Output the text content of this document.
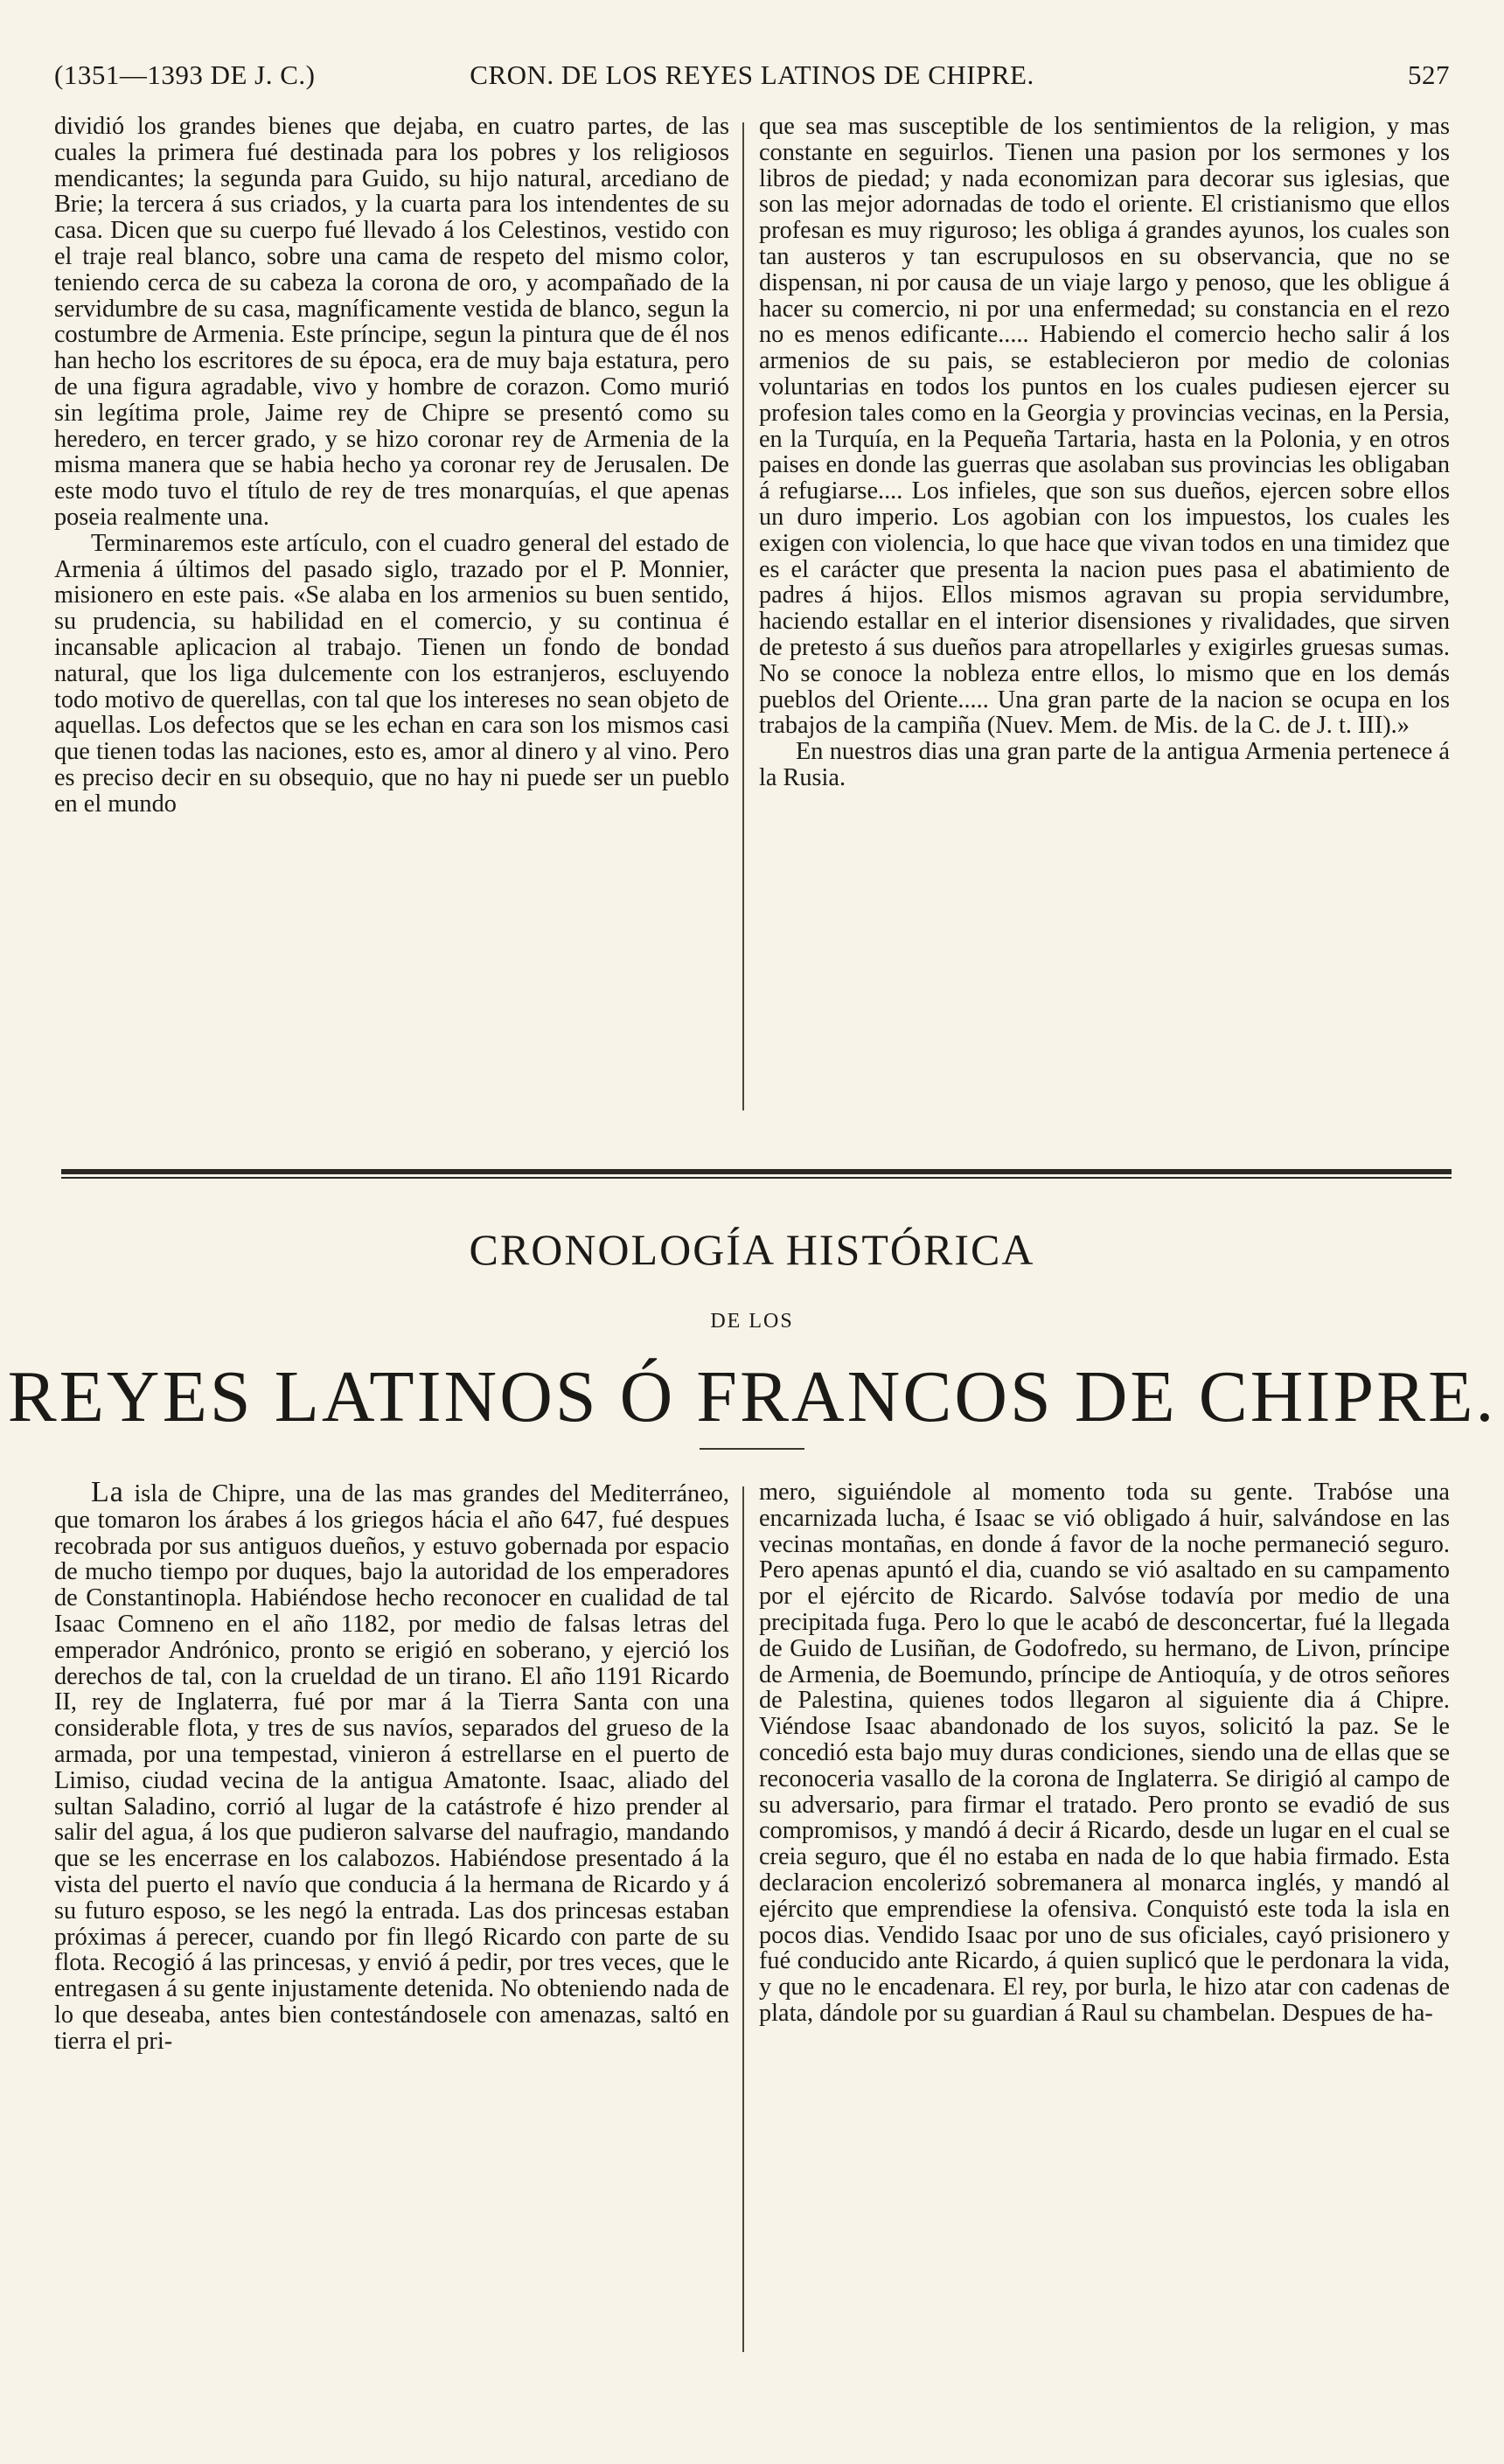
(1351—1393 DE J. C.)	CRON. DE LOS REYES LATINOS DE CHIPRE.	527

dividió los grandes bienes que dejaba, en cuatro partes, de las cuales la primera fué destinada para los pobres y los religiosos mendicantes; la segunda para Guido, su hijo natural, arcediano de Brie; la tercera á sus criados, y la cuarta para los intendentes de su casa. Dicen que su cuerpo fué llevado á los Celestinos, vestido con el traje real blanco, sobre una cama de respeto del mismo color, teniendo cerca de su cabeza la corona de oro, y acompañado de la servidumbre de su casa, magníficamente vestida de blanco, segun la costumbre de Armenia. Este príncipe, segun la pintura que de él nos han hecho los escritores de su época, era de muy baja estatura, pero de una figura agradable, vivo y hombre de corazon. Como murió sin legítima prole, Jaime rey de Chipre se presentó como su heredero, en tercer grado, y se hizo coronar rey de Armenia de la misma manera que se habia hecho ya coronar rey de Jerusalen. De este modo tuvo el título de rey de tres monarquías, el que apenas poseia realmente una.

Terminaremos este artículo, con el cuadro general del estado de Armenia á últimos del pasado siglo, trazado por el P. Monnier, misionero en este pais. «Se alaba en los armenios su buen sentido, su prudencia, su habilidad en el comercio, y su continua é incansable aplicacion al trabajo. Tienen un fondo de bondad natural, que los liga dulcemente con los estranjeros, escluyendo todo motivo de querellas, con tal que los intereses no sean objeto de aquellas. Los defectos que se les echan en cara son los mismos casi que tienen todas las naciones, esto es, amor al dinero y al vino. Pero es preciso decir en su obsequio, que no hay ni puede ser un pueblo en el mundo

que sea mas susceptible de los sentimientos de la religion, y mas constante en seguirlos. Tienen una pasion por los sermones y los libros de piedad; y nada economizan para decorar sus iglesias, que son las mejor adornadas de todo el oriente. El cristianismo que ellos profesan es muy riguroso; les obliga á grandes ayunos, los cuales son tan austeros y tan escrupulosos en su observancia, que no se dispensan, ni por causa de un viaje largo y penoso, que les obligue á hacer su comercio, ni por una enfermedad; su constancia en el rezo no es menos edificante..... Habiendo el comercio hecho salir á los armenios de su pais, se establecieron por medio de colonias voluntarias en todos los puntos en los cuales pudiesen ejercer su profesion tales como en la Georgia y provincias vecinas, en la Persia, en la Turquía, en la Pequeña Tartaria, hasta en la Polonia, y en otros paises en donde las guerras que asolaban sus provincias les obligaban á refugiarse.... Los infieles, que son sus dueños, ejercen sobre ellos un duro imperio. Los agobian con los impuestos, los cuales les exigen con violencia, lo que hace que vivan todos en una timidez que es el carácter que presenta la nacion pues pasa el abatimiento de padres á hijos. Ellos mismos agravan su propia servidumbre, haciendo estallar en el interior disensiones y rivalidades, que sirven de pretesto á sus dueños para atropellarles y exigirles gruesas sumas. No se conoce la nobleza entre ellos, lo mismo que en los demás pueblos del Oriente..... Una gran parte de la nacion se ocupa en los trabajos de la campiña (Nuev. Mem. de Mis. de la C. de J. t. III).»

En nuestros dias una gran parte de la antigua Armenia pertenece á la Rusia.

CRONOLOGÍA HISTÓRICA
DE LOS
REYES LATINOS Ó FRANCOS DE CHIPRE.

La isla de Chipre, una de las mas grandes del Mediterráneo, que tomaron los árabes á los griegos hácia el año 647, fué despues recobrada por sus antiguos dueños, y estuvo gobernada por espacio de mucho tiempo por duques, bajo la autoridad de los emperadores de Constantinopla. Habiéndose hecho reconocer en cualidad de tal Isaac Comneno en el año 1182, por medio de falsas letras del emperador Andrónico, pronto se erigió en soberano, y ejerció los derechos de tal, con la crueldad de un tirano. El año 1191 Ricardo II, rey de Inglaterra, fué por mar á la Tierra Santa con una considerable flota, y tres de sus navíos, separados del grueso de la armada, por una tempestad, vinieron á estrellarse en el puerto de Limiso, ciudad vecina de la antigua Amatonte. Isaac, aliado del sultan Saladino, corrió al lugar de la catástrofe é hizo prender al salir del agua, á los que pudieron salvarse del naufragio, mandando que se les encerrase en los calabozos. Habiéndose presentado á la vista del puerto el navío que conducia á la hermana de Ricardo y á su futuro esposo, se les negó la entrada. Las dos princesas estaban próximas á perecer, cuando por fin llegó Ricardo con parte de su flota. Recogió á las princesas, y envió á pedir, por tres veces, que le entregasen á su gente injustamente detenida. No obteniendo nada de lo que deseaba, antes bien contestándosele con amenazas, saltó en tierra el pri-

mero, siguiéndole al momento toda su gente. Trabóse una encarnizada lucha, é Isaac se vió obligado á huir, salvándose en las vecinas montañas, en donde á favor de la noche permaneció seguro. Pero apenas apuntó el dia, cuando se vió asaltado en su campamento por el ejército de Ricardo. Salvóse todavía por medio de una precipitada fuga. Pero lo que le acabó de desconcertar, fué la llegada de Guido de Lusiñan, de Godofredo, su hermano, de Livon, príncipe de Armenia, de Boemundo, príncipe de Antioquía, y de otros señores de Palestina, quienes todos llegaron al siguiente dia á Chipre. Viéndose Isaac abandonado de los suyos, solicitó la paz. Se le concedió esta bajo muy duras condiciones, siendo una de ellas que se reconoceria vasallo de la corona de Inglaterra. Se dirigió al campo de su adversario, para firmar el tratado. Pero pronto se evadió de sus compromisos, y mandó á decir á Ricardo, desde un lugar en el cual se creia seguro, que él no estaba en nada de lo que habia firmado. Esta declaracion encolerizó sobremanera al monarca inglés, y mandó al ejército que emprendiese la ofensiva. Conquistó este toda la isla en pocos dias. Vendido Isaac por uno de sus oficiales, cayó prisionero y fué conducido ante Ricardo, á quien suplicó que le perdonara la vida, y que no le encadenara. El rey, por burla, le hizo atar con cadenas de plata, dándole por su guardian á Raul su chambelan. Despues de ha-
